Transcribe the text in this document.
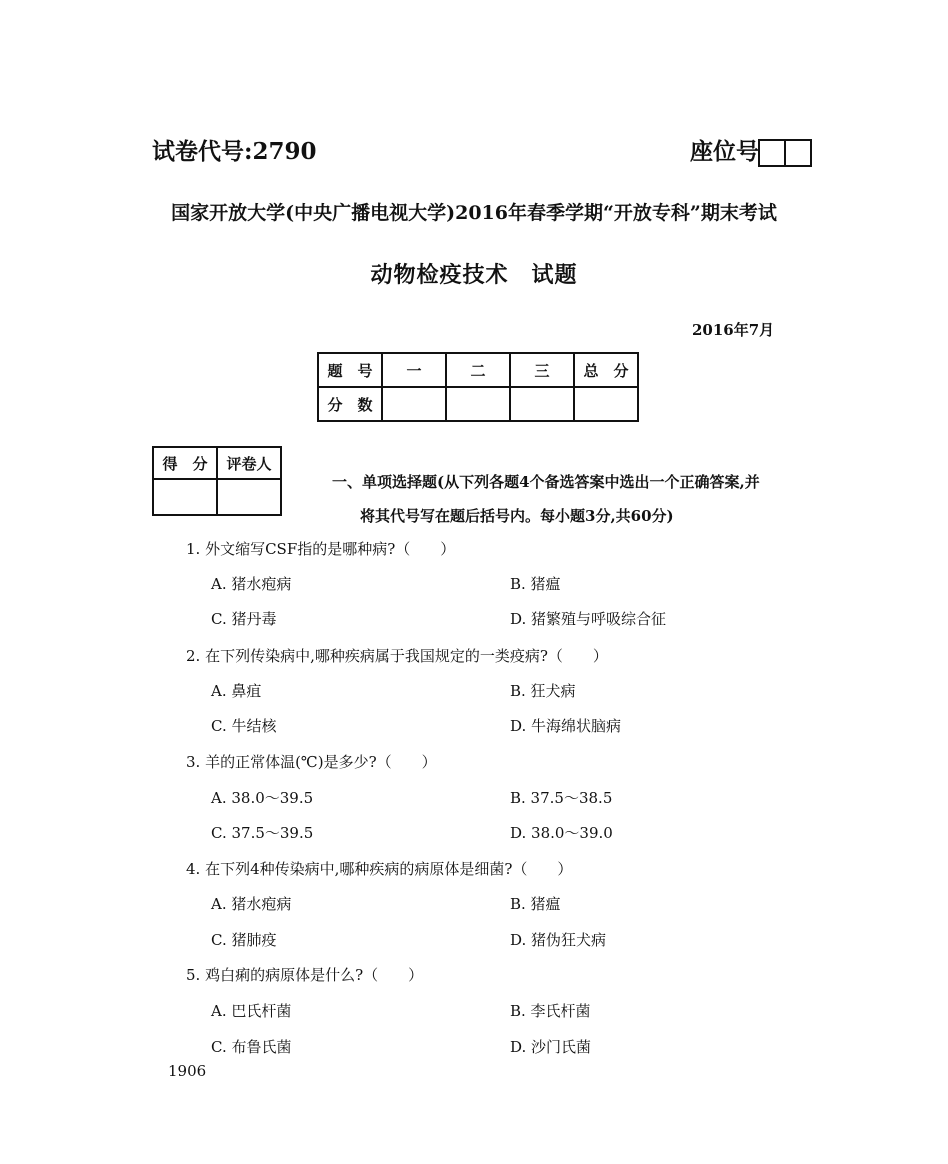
试卷代号:2790	座位号
国家开放大学(中央广播电视大学)2016年春季学期“开放专科”期末考试
动物检疫技术　试题
2016年7月
题　号	一	二	三	总　分
分　数				
得　分	评卷人

一、单项选择题(从下列各题4个备选答案中选出一个正确答案,并
将其代号写在题后括号内。每小题3分,共60分)
1. 外文缩写CSF指的是哪种病?（　　）
A. 猪水疱病	B. 猪瘟
C. 猪丹毒	D. 猪繁殖与呼吸综合征
2. 在下列传染病中,哪种疾病属于我国规定的一类疫病?（　　）
A. 鼻疽	B. 狂犬病
C. 牛结核	D. 牛海绵状脑病
3. 羊的正常体温(℃)是多少?（　　）
A. 38.0～39.5	B. 37.5～38.5
C. 37.5～39.5	D. 38.0～39.0
4. 在下列4种传染病中,哪种疾病的病原体是细菌?（　　）
A. 猪水疱病	B. 猪瘟
C. 猪肺疫	D. 猪伪狂犬病
5. 鸡白痢的病原体是什么?（　　）
A. 巴氏杆菌	B. 李氏杆菌
C. 布鲁氏菌	D. 沙门氏菌
1906
